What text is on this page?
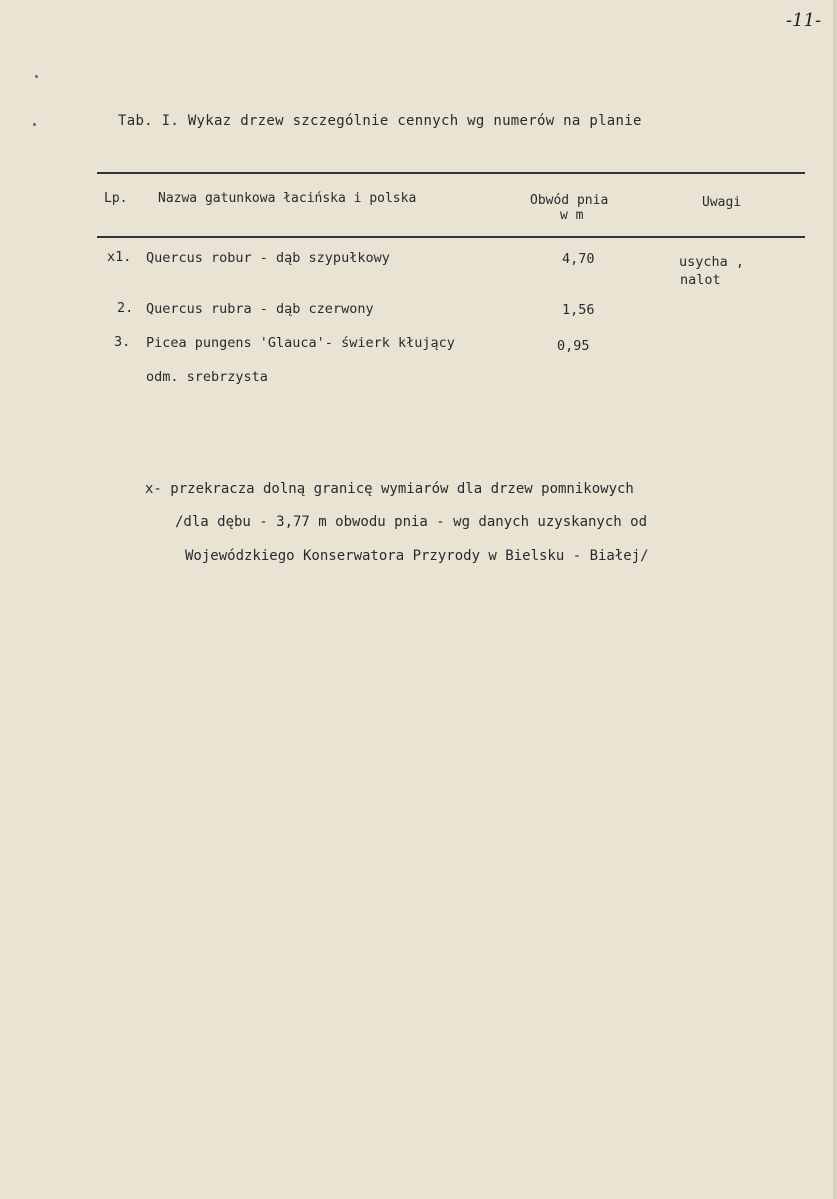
-11-
Tab. I. Wykaz drzew szczególnie cennych wg numerów na planie
Lp. Nazwa gatunkowa łacińska i polska	Obwód pnia
w m
Uwagi
x1. Quercus robur - dąb szypułkowy	4,70	usycha ,
nalot
2. Quercus rubra - dąb czerwony	1,56
3. Picea pungens 'Glauca'- świerk kłujący	0,95
odm. srebrzysta
x- przekracza dolną granicę wymiarów dla drzew pomnikowych
/dla dębu - 3,77 m obwodu pnia - wg danych uzyskanych od
Wojewódzkiego Konserwatora Przyrody w Bielsku - Białej/
